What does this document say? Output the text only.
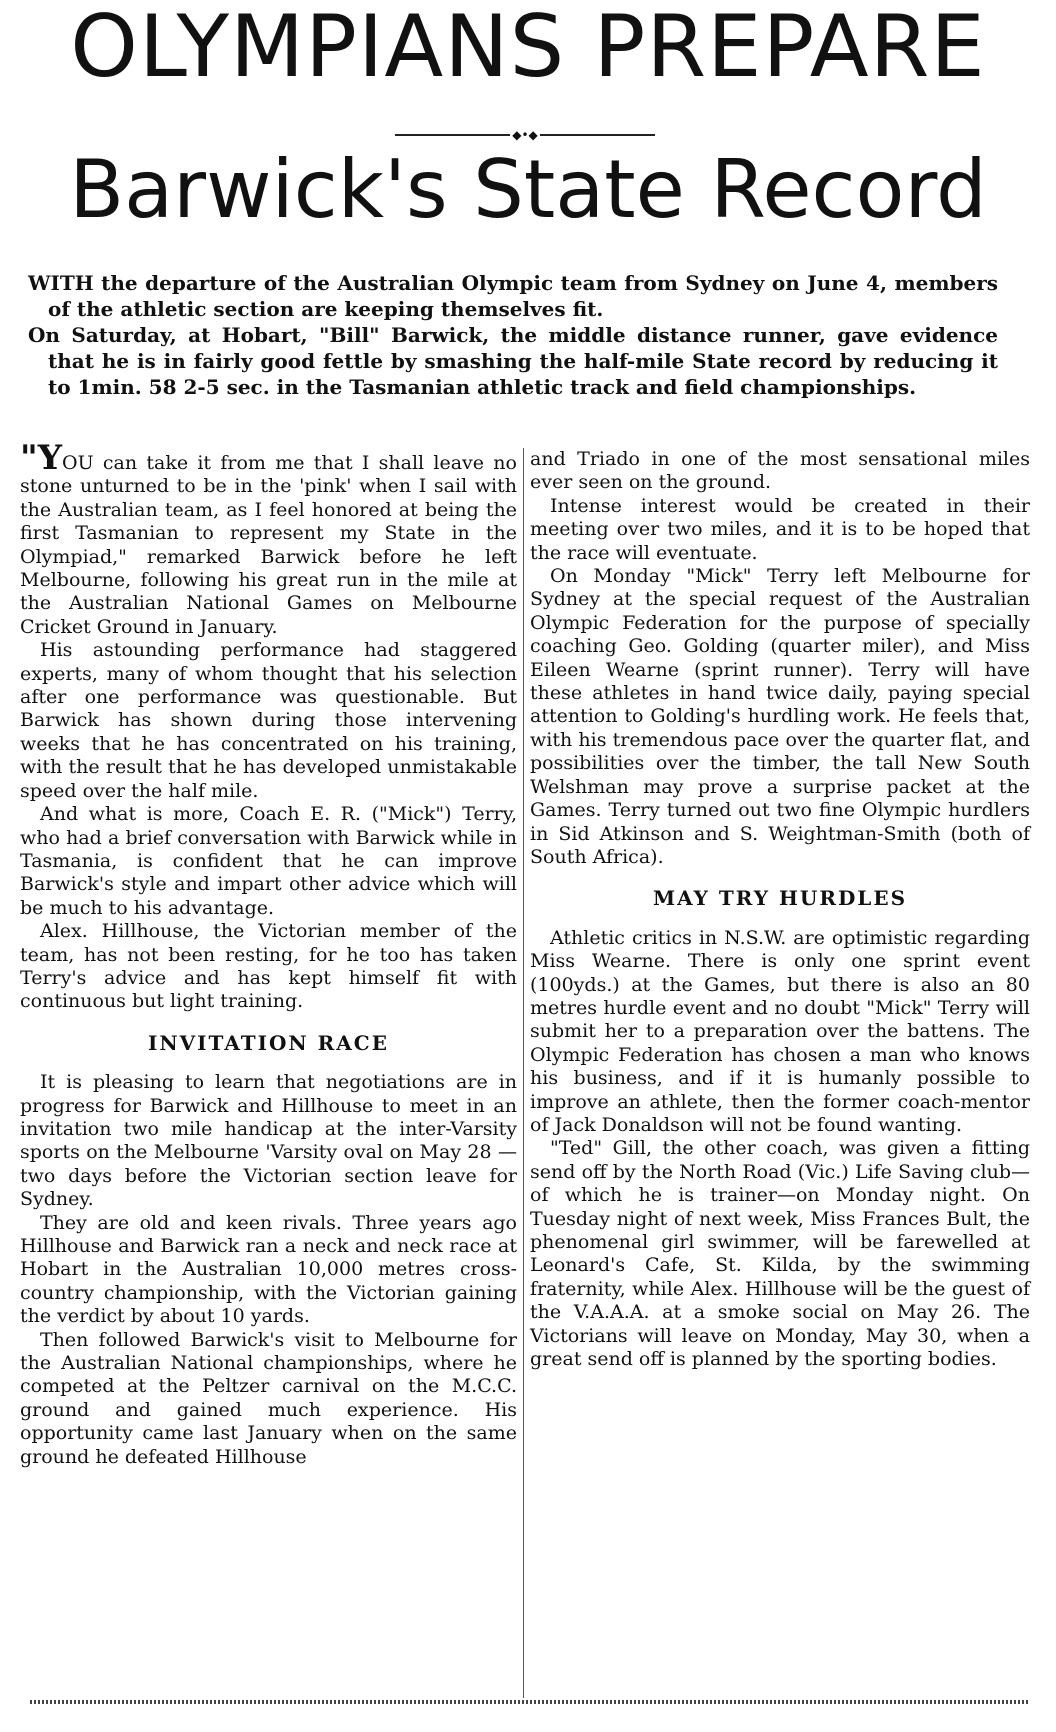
OLYMPIANS PREPARE
◆•◆
Barwick's State Record

WITH the departure of the Australian Olympic team from Sydney on June 4, members of the athletic section are keeping themselves fit.

On Saturday, at Hobart, "Bill" Barwick, the middle distance runner, gave evidence that he is in fairly good fettle by smashing the half-mile State record by reducing it to 1min. 58 2-5 sec. in the Tasmanian athletic track and field championships.

"YOU can take it from me that I shall leave no stone unturned to be in the 'pink' when I sail with the Australian team, as I feel honored at being the first Tasmanian to represent my State in the Olympiad," remarked Barwick before he left Melbourne, following his great run in the mile at the Australian National Games on Melbourne Cricket Ground in January.

His astounding performance had staggered experts, many of whom thought that his selection after one performance was questionable. But Barwick has shown during those intervening weeks that he has concentrated on his training, with the result that he has developed unmistakable speed over the half mile.

And what is more, Coach E. R. ("Mick") Terry, who had a brief conversation with Barwick while in Tasmania, is confident that he can improve Barwick's style and impart other advice which will be much to his advantage.

Alex. Hillhouse, the Victorian member of the team, has not been resting, for he too has taken Terry's advice and has kept himself fit with continuous but light training.

INVITATION RACE

It is pleasing to learn that negotiations are in progress for Barwick and Hillhouse to meet in an invitation two mile handicap at the inter-Varsity sports on the Melbourne 'Varsity oval on May 28 —two days before the Victorian section leave for Sydney.

They are old and keen rivals. Three years ago Hillhouse and Barwick ran a neck and neck race at Hobart in the Australian 10,000 metres cross-country championship, with the Victorian gaining the verdict by about 10 yards.

Then followed Barwick's visit to Melbourne for the Australian National championships, where he competed at the Peltzer carnival on the M.C.C. ground and gained much experience. His opportunity came last January when on the same ground he defeated Hillhouse

and Triado in one of the most sensational miles ever seen on the ground.

Intense interest would be created in their meeting over two miles, and it is to be hoped that the race will eventuate.

On Monday "Mick" Terry left Melbourne for Sydney at the special request of the Australian Olympic Federation for the purpose of specially coaching Geo. Golding (quarter miler), and Miss Eileen Wearne (sprint runner). Terry will have these athletes in hand twice daily, paying special attention to Golding's hurdling work. He feels that, with his tremendous pace over the quarter flat, and possibilities over the timber, the tall New South Welshman may prove a surprise packet at the Games. Terry turned out two fine Olympic hurdlers in Sid Atkinson and S. Weightman-Smith (both of South Africa).

MAY TRY HURDLES

Athletic critics in N.S.W. are optimistic regarding Miss Wearne. There is only one sprint event (100yds.) at the Games, but there is also an 80 metres hurdle event and no doubt "Mick" Terry will submit her to a preparation over the battens. The Olympic Federation has chosen a man who knows his business, and if it is humanly possible to improve an athlete, then the former coach-mentor of Jack Donaldson will not be found wanting.

"Ted" Gill, the other coach, was given a fitting send off by the North Road (Vic.) Life Saving club—of which he is trainer—on Monday night. On Tuesday night of next week, Miss Frances Bult, the phenomenal girl swimmer, will be farewelled at Leonard's Cafe, St. Kilda, by the swimming fraternity, while Alex. Hillhouse will be the guest of the V.A.A.A. at a smoke social on May 26. The Victorians will leave on Monday, May 30, when a great send off is planned by the sporting bodies.
